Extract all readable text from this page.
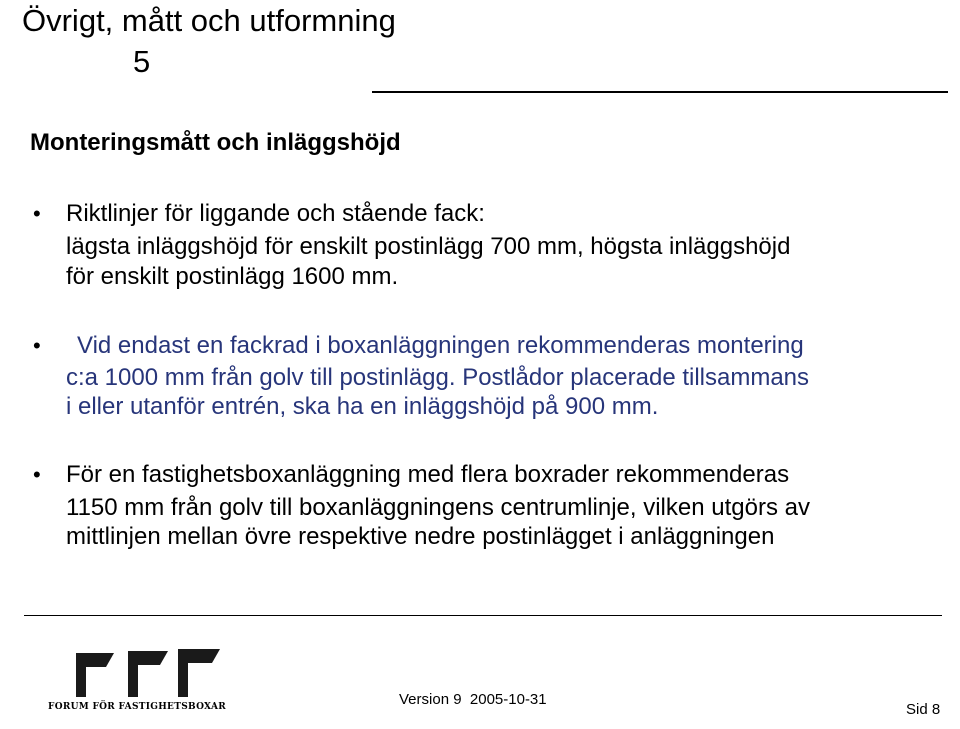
Övrigt, mått och utformning
5
Monteringsmått och inläggshöjd
• Riktlinjer för liggande och stående fack:
lägsta inläggshöjd för enskilt postinlägg 700 mm, högsta inläggshöjd
för enskilt postinlägg 1600 mm.
• Vid endast en fackrad i boxanläggningen rekommenderas montering
c:a 1000 mm från golv till postinlägg. Postlådor placerade tillsammans
i eller utanför entrén, ska ha en inläggshöjd på 900 mm.
• För en fastighetsboxanläggning med flera boxrader rekommenderas
1150 mm från golv till boxanläggningens centrumlinje, vilken utgörs av
mittlinjen mellan övre respektive nedre postinlägget i anläggningen
FORUM FÖR FASTIGHETSBOXAR	Version 9 2005-10-31
Sid 8
